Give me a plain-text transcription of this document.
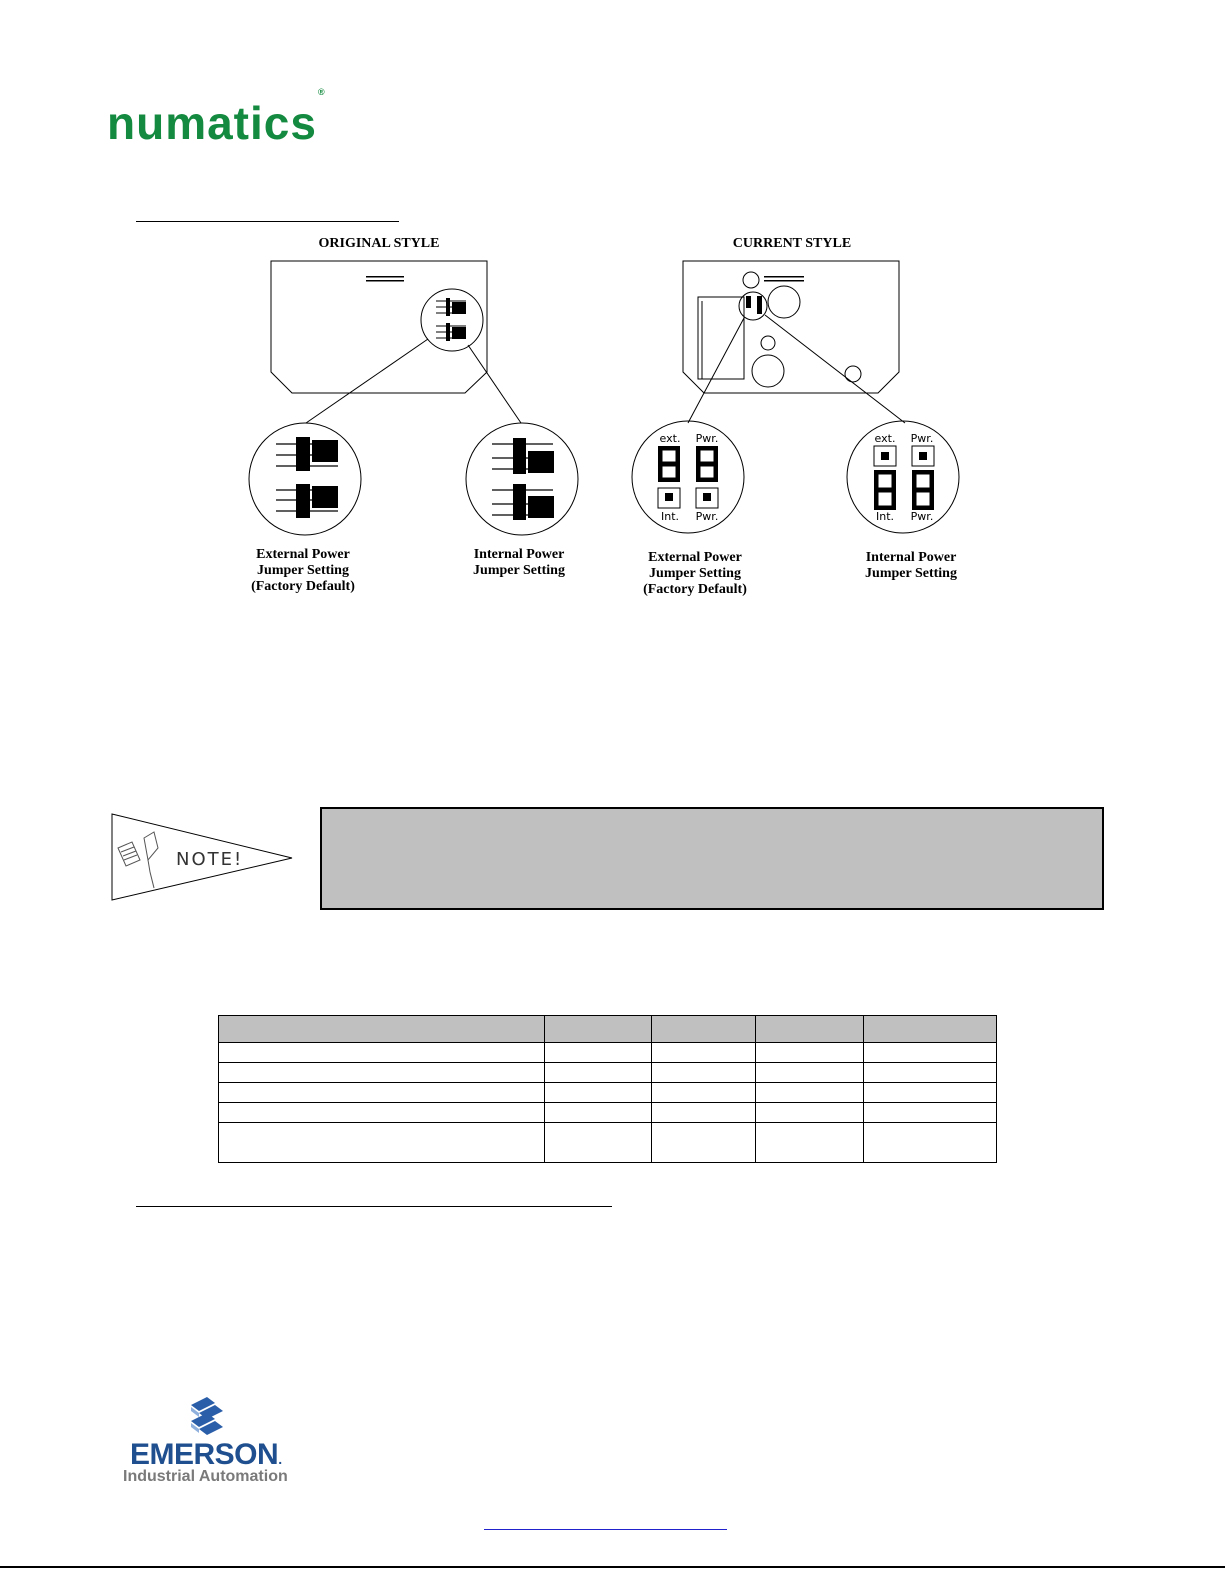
numatics®
ORIGINAL STYLE	CURRENT STYLE
ext. Pwr.
Int. Pwr.
ext. Pwr.
Int. Pwr.
External Power
Jumper Setting
(Factory Default)
Internal Power
Jumper Setting
External Power
Jumper Setting
(Factory Default)
Internal Power
Jumper Setting
NOTE!

EMERSON.
Industrial Automation
